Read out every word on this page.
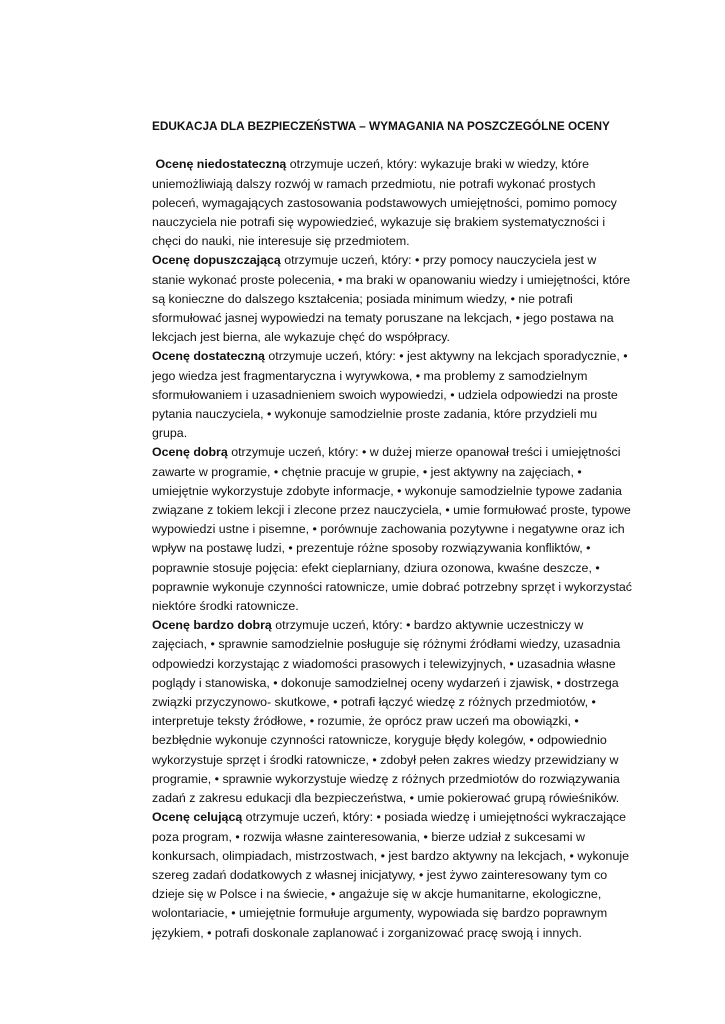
EDUKACJA DLA BEZPIECZEŃSTWA – WYMAGANIA NA POSZCZEGÓLNE OCENY

Ocenę niedostateczną otrzymuje uczeń, który: wykazuje braki w wiedzy, które uniemożliwiają dalszy rozwój w ramach przedmiotu, nie potrafi wykonać prostych poleceń, wymagających zastosowania podstawowych umiejętności, pomimo pomocy nauczyciela nie potrafi się wypowiedzieć, wykazuje się brakiem systematyczności i chęci do nauki, nie interesuje się przedmiotem.

Ocenę dopuszczającą otrzymuje uczeń, który: • przy pomocy nauczyciela jest w stanie wykonać proste polecenia, • ma braki w opanowaniu wiedzy i umiejętności, które są konieczne do dalszego kształcenia; posiada minimum wiedzy, • nie potrafi sformułować jasnej wypowiedzi na tematy poruszane na lekcjach, • jego postawa na lekcjach jest bierna, ale wykazuje chęć do współpracy.

Ocenę dostateczną otrzymuje uczeń, który: • jest aktywny na lekcjach sporadycznie, • jego wiedza jest fragmentaryczna i wyrywkowa, • ma problemy z samodzielnym sformułowaniem i uzasadnieniem swoich wypowiedzi, • udziela odpowiedzi na proste pytania nauczyciela, • wykonuje samodzielnie proste zadania, które przydzieli mu grupa.

Ocenę dobrą otrzymuje uczeń, który: • w dużej mierze opanował treści i umiejętności zawarte w programie, • chętnie pracuje w grupie, • jest aktywny na zajęciach, • umiejętnie wykorzystuje zdobyte informacje, • wykonuje samodzielnie typowe zadania związane z tokiem lekcji i zlecone przez nauczyciela, • umie formułować proste, typowe wypowiedzi ustne i pisemne, • porównuje zachowania pozytywne i negatywne oraz ich wpływ na postawę ludzi, • prezentuje różne sposoby rozwiązywania konfliktów, • poprawnie stosuje pojęcia: efekt cieplarniany, dziura ozonowa, kwaśne deszcze, • poprawnie wykonuje czynności ratownicze, umie dobrać potrzebny sprzęt i wykorzystać niektóre środki ratownicze.

Ocenę bardzo dobrą otrzymuje uczeń, który: • bardzo aktywnie uczestniczy w zajęciach, • sprawnie samodzielnie posługuje się różnymi źródłami wiedzy, uzasadnia odpowiedzi korzystając z wiadomości prasowych i telewizyjnych, • uzasadnia własne poglądy i stanowiska, • dokonuje samodzielnej oceny wydarzeń i zjawisk, • dostrzega związki przyczynowo- skutkowe, • potrafi łączyć wiedzę z różnych przedmiotów, • interpretuje teksty źródłowe, • rozumie, że oprócz praw uczeń ma obowiązki, • bezbłędnie wykonuje czynności ratownicze, koryguje błędy kolegów, • odpowiednio wykorzystuje sprzęt i środki ratownicze, • zdobył pełen zakres wiedzy przewidziany w programie, • sprawnie wykorzystuje wiedzę z różnych przedmiotów do rozwiązywania zadań z zakresu edukacji dla bezpieczeństwa, • umie pokierować grupą rówieśników.

Ocenę celującą otrzymuje uczeń, który: • posiada wiedzę i umiejętności wykraczające poza program, • rozwija własne zainteresowania, • bierze udział z sukcesami w konkursach, olimpiadach, mistrzostwach, • jest bardzo aktywny na lekcjach, • wykonuje szereg zadań dodatkowych z własnej inicjatywy, • jest żywo zainteresowany tym co dzieje się w Polsce i na świecie, • angażuje się w akcje humanitarne, ekologiczne, wolontariacie, • umiejętnie formułuje argumenty, wypowiada się bardzo poprawnym językiem, • potrafi doskonale zaplanować i zorganizować pracę swoją i innych.
